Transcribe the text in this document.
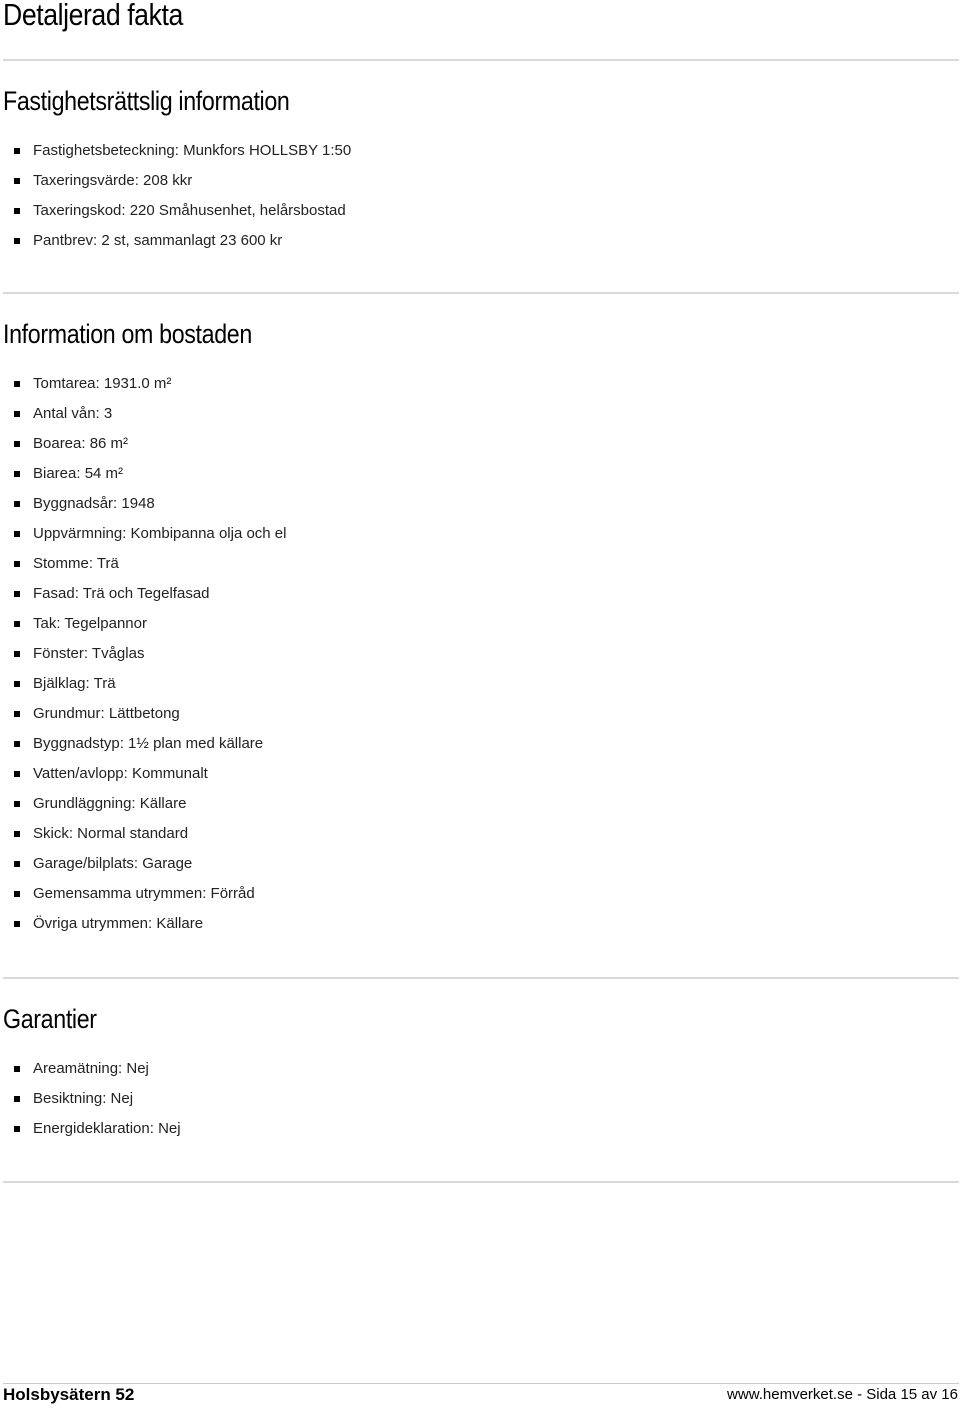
Detaljerad fakta
Fastighetsrättslig information
Fastighetsbeteckning: Munkfors HOLLSBY 1:50
Taxeringsvärde: 208 kkr
Taxeringskod: 220 Småhusenhet, helårsbostad
Pantbrev: 2 st, sammanlagt 23 600 kr
Information om bostaden
Tomtarea: 1931.0 m²
Antal vån: 3
Boarea: 86 m²
Biarea: 54 m²
Byggnadsår: 1948
Uppvärmning: Kombipanna olja och el
Stomme: Trä
Fasad: Trä och Tegelfasad
Tak: Tegelpannor
Fönster: Tvåglas
Bjälklag: Trä
Grundmur: Lättbetong
Byggnadstyp: 1½ plan med källare
Vatten/avlopp: Kommunalt
Grundläggning: Källare
Skick: Normal standard
Garage/bilplats: Garage
Gemensamma utrymmen: Förråd
Övriga utrymmen: Källare
Garantier
Areamätning: Nej
Besiktning: Nej
Energideklaration: Nej
Holsbysätern 52	www.hemverket.se - Sida 15 av 16
